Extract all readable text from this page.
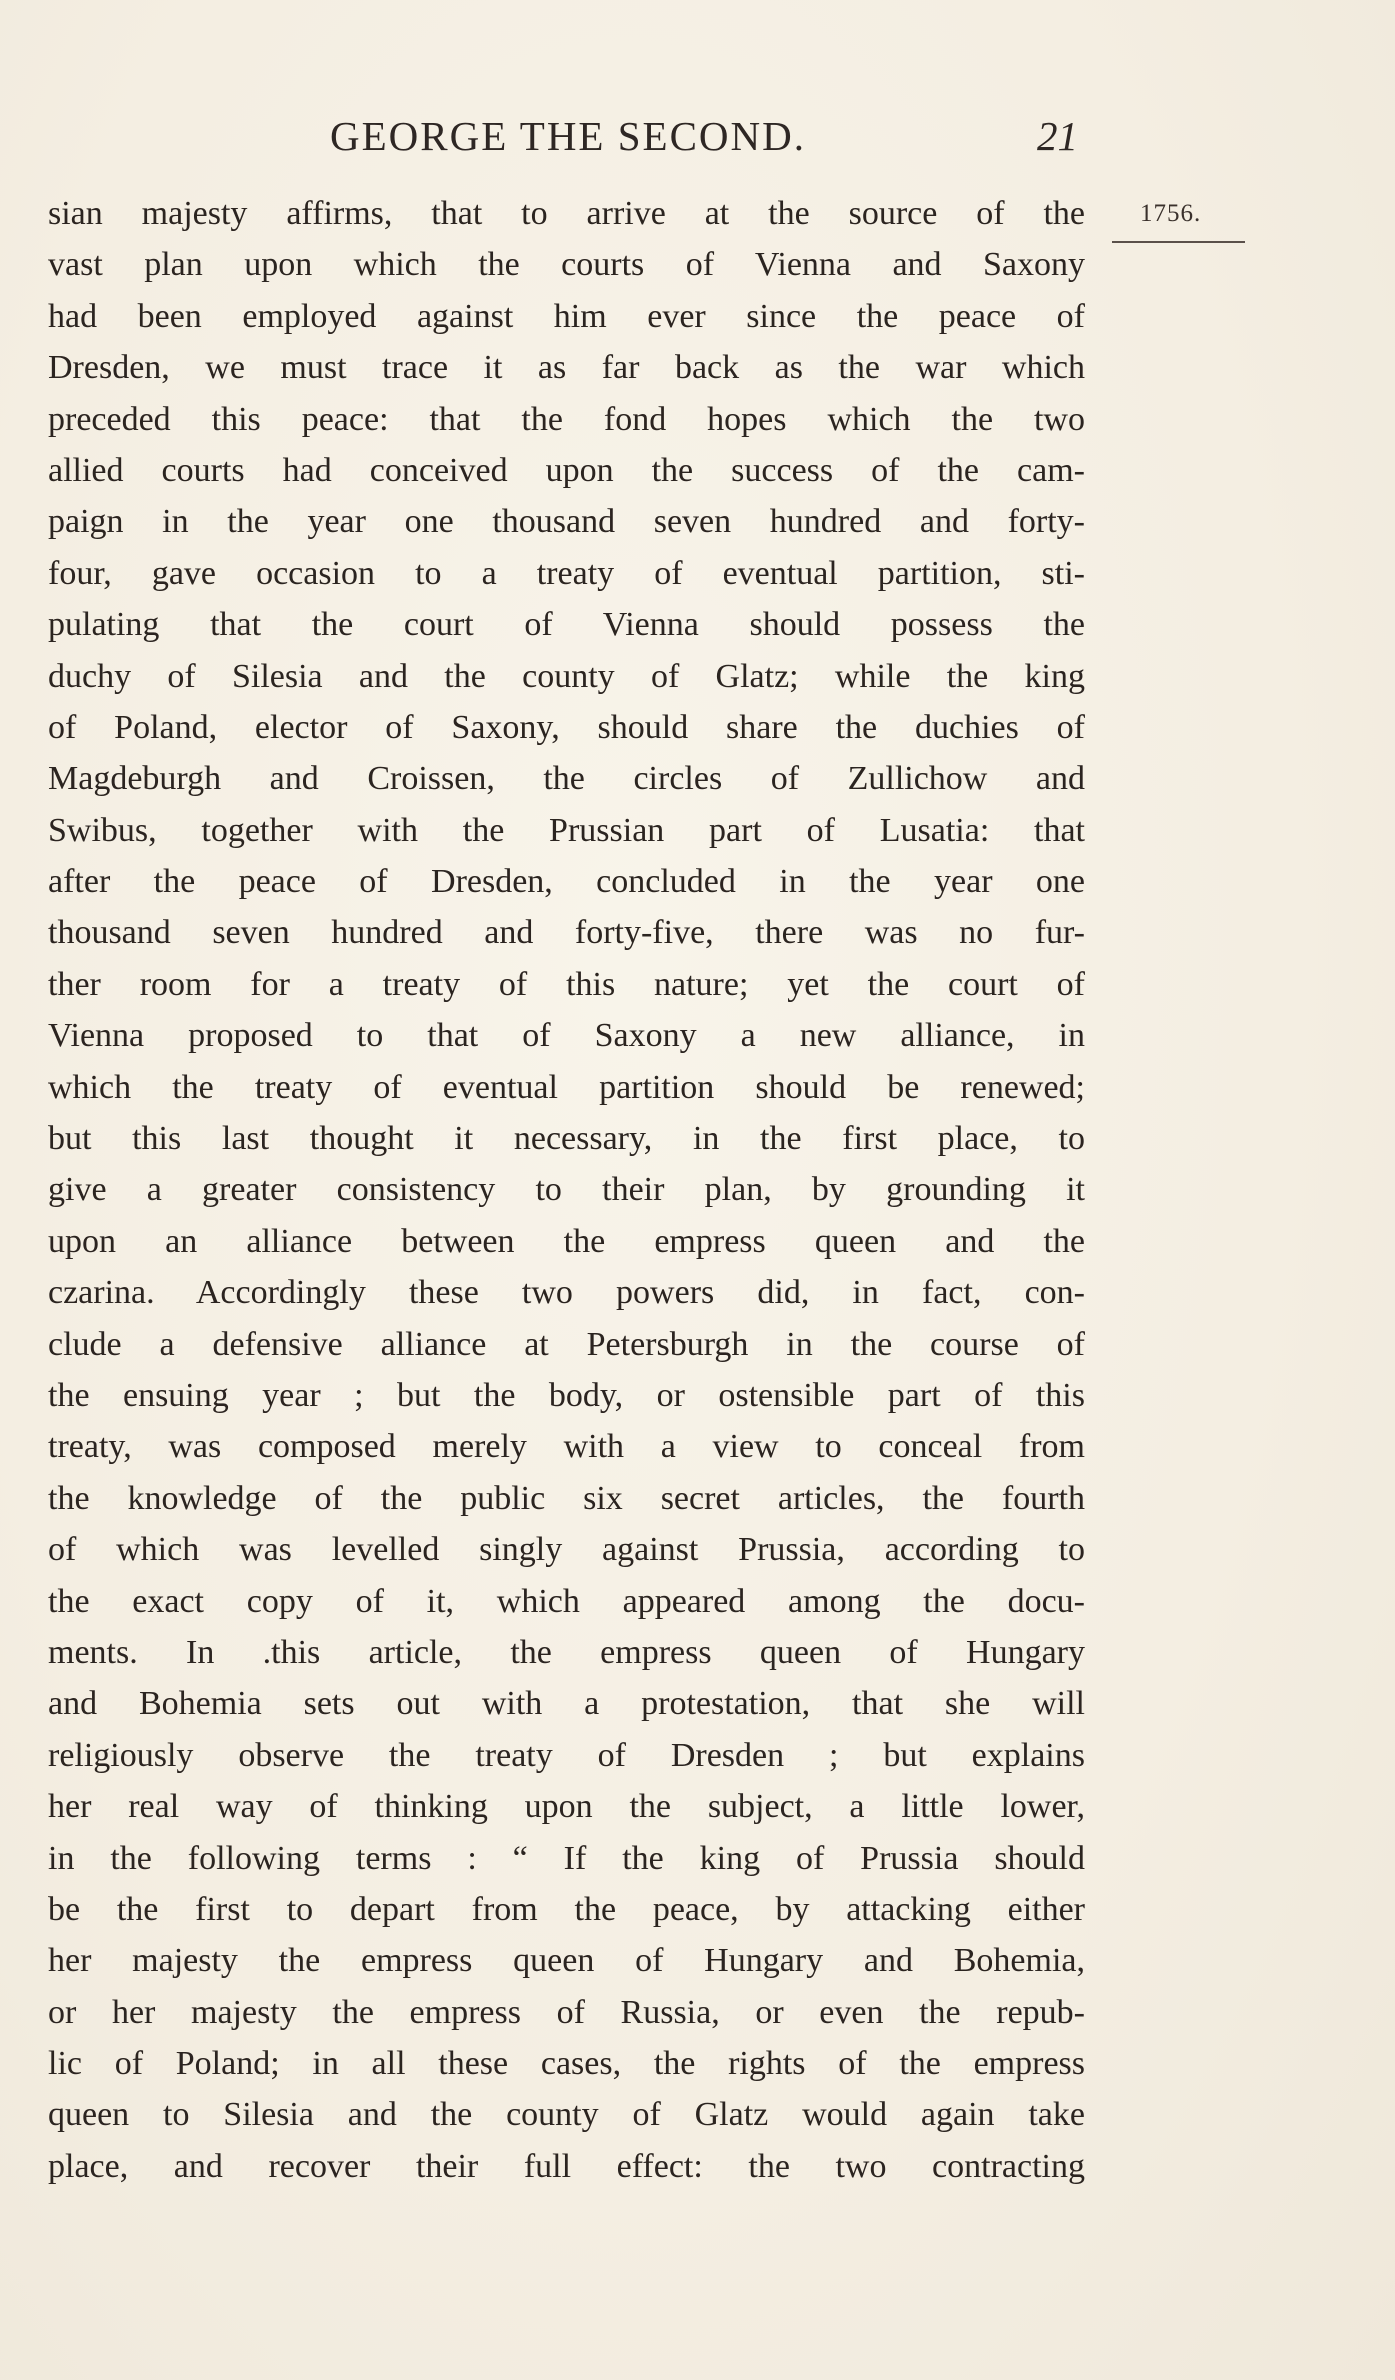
GEORGE THE SECOND.	21
1756.
sian majesty affirms, that to arrive at the source of the
vast plan upon which the courts of Vienna and Saxony
had been employed against him ever since the peace of
Dresden, we must trace it as far back as the war which
preceded this peace: that the fond hopes which the two
allied courts had conceived upon the success of the cam-
paign in the year one thousand seven hundred and forty-
four, gave occasion to a treaty of eventual partition, sti-
pulating that the court of Vienna should possess the
duchy of Silesia and the county of Glatz; while the king
of Poland, elector of Saxony, should share the duchies of
Magdeburgh and Croissen, the circles of Zullichow and
Swibus, together with the Prussian part of Lusatia: that
after the peace of Dresden, concluded in the year one
thousand seven hundred and forty-five, there was no fur-
ther room for a treaty of this nature; yet the court of
Vienna proposed to that of Saxony a new alliance, in
which the treaty of eventual partition should be renewed;
but this last thought it necessary, in the first place, to
give a greater consistency to their plan, by grounding it
upon an alliance between the empress queen and the
czarina. Accordingly these two powers did, in fact, con-
clude a defensive alliance at Petersburgh in the course of
the ensuing year ; but the body, or ostensible part of this
treaty, was composed merely with a view to conceal from
the knowledge of the public six secret articles, the fourth
of which was levelled singly against Prussia, according to
the exact copy of it, which appeared among the docu-
ments. In .this article, the empress queen of Hungary
and Bohemia sets out with a protestation, that she will
religiously observe the treaty of Dresden ; but explains
her real way of thinking upon the subject, a little lower,
in the following terms : “ If the king of Prussia should
be the first to depart from the peace, by attacking either
her majesty the empress queen of Hungary and Bohemia,
or her majesty the empress of Russia, or even the repub-
lic of Poland; in all these cases, the rights of the empress
queen to Silesia and the county of Glatz would again take
place, and recover their full effect: the two contracting
